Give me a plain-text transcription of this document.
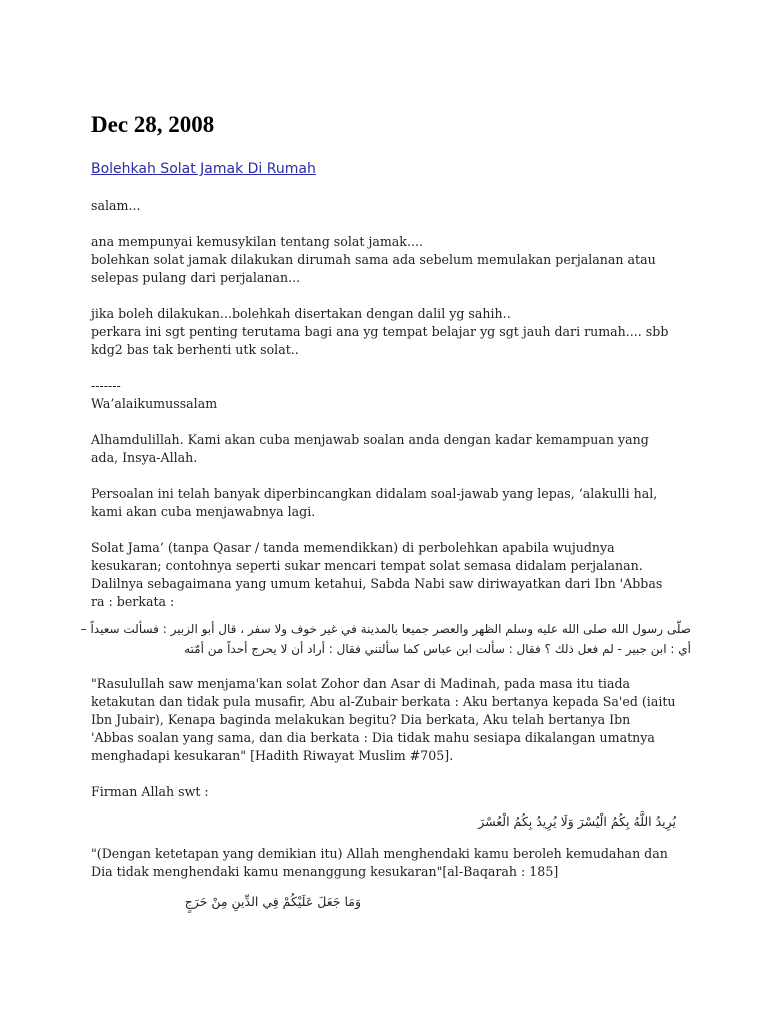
Dec 28, 2008
Bolehkah Solat Jamak Di Rumah

salam...

ana mempunyai kemusykilan tentang solat jamak....
bolehkan solat jamak dilakukan dirumah sama ada sebelum memulakan perjalanan atau selepas pulang dari perjalanan...

jika boleh dilakukan...bolehkah disertakan dengan dalil yg sahih..
perkara ini sgt penting terutama bagi ana yg tempat belajar yg sgt jauh dari rumah.... sbb kdg2 bas tak berhenti utk solat..

-------
Wa’alaikumussalam

Alhamdulillah. Kami akan cuba menjawab soalan anda dengan kadar kemampuan yang ada, Insya-Allah.

Persoalan ini telah banyak diperbincangkan didalam soal-jawab yang lepas, ‘alakulli hal, kami akan cuba menjawabnya lagi.

Solat Jama’ (tanpa Qasar / tanda memendikkan) di perbolehkan apabila wujudnya kesukaran; contohnya seperti sukar mencari tempat solat semasa didalam perjalanan. Dalilnya sebagaimana yang umum ketahui, Sabda Nabi saw diriwayatkan dari Ibn 'Abbas ra : berkata :

صلّى رسول الله صلى الله عليه وسلم الظهر والعصر جميعا بالمدينة في غير خوف ولا سفر ، قال أبو الزبير : فسألت سعيداً –

أي : ابن جبير - لم فعل ذلك ؟ فقال : سألت ابن عباس كما سألتني فقال : أراد أن لا يحرج أحداً من أمّته

"Rasulullah saw menjama'kan solat Zohor dan Asar di Madinah, pada masa itu tiada ketakutan dan tidak pula musafir, Abu al-Zubair berkata : Aku bertanya kepada Sa'ed (iaitu Ibn Jubair), Kenapa baginda melakukan begitu? Dia berkata, Aku telah bertanya Ibn 'Abbas soalan yang sama, dan dia berkata : Dia tidak mahu sesiapa dikalangan umatnya menghadapi kesukaran" [Hadith Riwayat Muslim #705].

Firman Allah swt :

يُرِيدُ اللَّهُ بِكُمُ الْيُسْرَ وَلَا يُرِيدُ بِكُمُ الْعُسْرَ

"(Dengan ketetapan yang demikian itu) Allah menghendaki kamu beroleh kemudahan dan Dia tidak menghendaki kamu menanggung kesukaran"[al-Baqarah : 185]

وَمَا جَعَلَ عَلَيْكُمْ فِي الدِّينِ مِنْ حَرَجٍ
